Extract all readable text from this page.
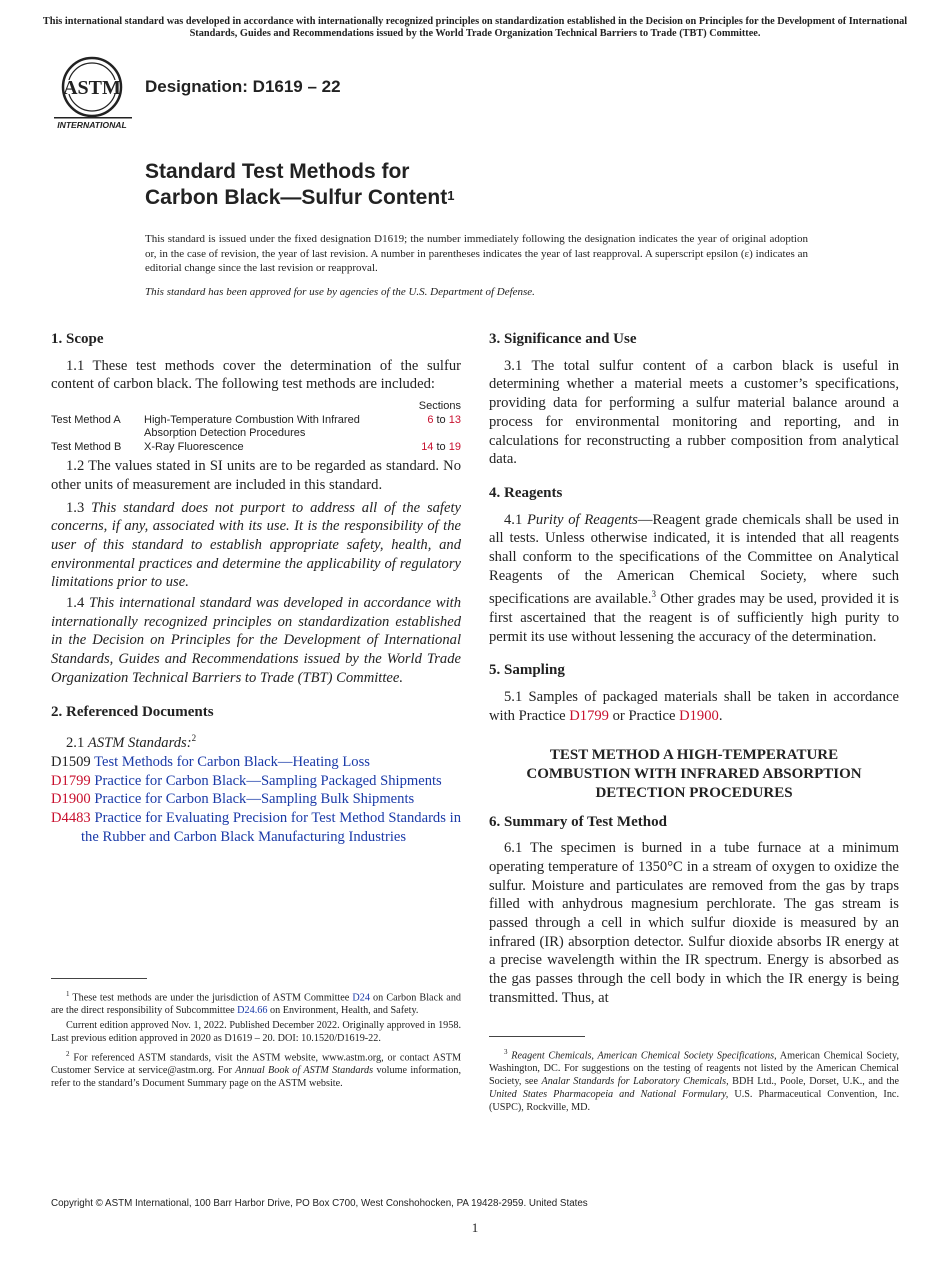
This international standard was developed in accordance with internationally recognized principles on standardization established in the Decision on Principles for the Development of International Standards, Guides and Recommendations issued by the World Trade Organization Technical Barriers to Trade (TBT) Committee.
ASTM
INTERNATIONAL
Designation: D1619 – 22
Standard Test Methods for
Carbon Black—Sulfur Content$^1$
This standard is issued under the fixed designation D1619; the number immediately following the designation indicates the year of original adoption or, in the case of revision, the year of last revision. A number in parentheses indicates the year of last reapproval. A superscript epsilon (ε) indicates an editorial change since the last revision or reapproval.
This standard has been approved for use by agencies of the U.S. Department of Defense.
1. Scope

1.1 These test methods cover the determination of the sulfur content of carbon black. The following test methods are included:

		Sections
Test Method A	High-Temperature Combustion With Infrared Absorption Detection Procedures	6 to 13
Test Method B	X-Ray Fluorescence	14 to 19

1.2 The values stated in SI units are to be regarded as standard. No other units of measurement are included in this standard.

1.3 This standard does not purport to address all of the safety concerns, if any, associated with its use. It is the responsibility of the user of this standard to establish appropriate safety, health, and environmental practices and determine the applicability of regulatory limitations prior to use.

1.4 This international standard was developed in accordance with internationally recognized principles on standardization established in the Decision on Principles for the Development of International Standards, Guides and Recommendations issued by the World Trade Organization Technical Barriers to Trade (TBT) Committee.

2. Referenced Documents

2.1 ASTM Standards:$^2$

D1509 Test Methods for Carbon Black—Heating Loss
D1799 Practice for Carbon Black—Sampling Packaged Shipments
D1900 Practice for Carbon Black—Sampling Bulk Shipments
D4483 Practice for Evaluating Precision for Test Method Standards in the Rubber and Carbon Black Manufacturing Industries
3. Significance and Use

3.1 The total sulfur content of a carbon black is useful in determining whether a material meets a customer’s specifications, providing data for performing a sulfur material balance around a process for environmental monitoring and reporting, and in calculations for reconstructing a rubber composition from analytical data.

4. Reagents

4.1 Purity of Reagents—Reagent grade chemicals shall be used in all tests. Unless otherwise indicated, it is intended that all reagents shall conform to the specifications of the Committee on Analytical Reagents of the American Chemical Society, where such specifications are available.$^3$ Other grades may be used, provided it is first ascertained that the reagent is of sufficiently high purity to permit its use without lessening the accuracy of the determination.

5. Sampling

5.1 Samples of packaged materials shall be taken in accordance with Practice D1799 or Practice D1900.

TEST METHOD A HIGH-TEMPERATURE
COMBUSTION WITH INFRARED ABSORPTION
DETECTION PROCEDURES
6. Summary of Test Method

6.1 The specimen is burned in a tube furnace at a minimum operating temperature of 1350°C in a stream of oxygen to oxidize the sulfur. Moisture and particulates are removed from the gas by traps filled with anhydrous magnesium perchlorate. The gas stream is passed through a cell in which sulfur dioxide is measured by an infrared (IR) absorption detector. Sulfur dioxide absorbs IR energy at a precise wavelength within the IR spectrum. Energy is absorbed as the gas passes through the cell body in which the IR energy is being transmitted. Thus, at

$^1$ These test methods are under the jurisdiction of ASTM Committee D24 on Carbon Black and are the direct responsibility of Subcommittee D24.66 on Environment, Health, and Safety.

Current edition approved Nov. 1, 2022. Published December 2022. Originally approved in 1958. Last previous edition approved in 2020 as D1619 – 20. DOI: 10.1520/D1619-22.

$^2$ For referenced ASTM standards, visit the ASTM website, www.astm.org, or contact ASTM Customer Service at service@astm.org. For Annual Book of ASTM Standards volume information, refer to the standard’s Document Summary page on the ASTM website.

$^3$ Reagent Chemicals, American Chemical Society Specifications, American Chemical Society, Washington, DC. For suggestions on the testing of reagents not listed by the American Chemical Society, see Analar Standards for Laboratory Chemicals, BDH Ltd., Poole, Dorset, U.K., and the United States Pharmacopeia and National Formulary, U.S. Pharmaceutical Convention, Inc. (USPC), Rockville, MD.

Copyright © ASTM International, 100 Barr Harbor Drive, PO Box C700, West Conshohocken, PA 19428-2959. United States
1
